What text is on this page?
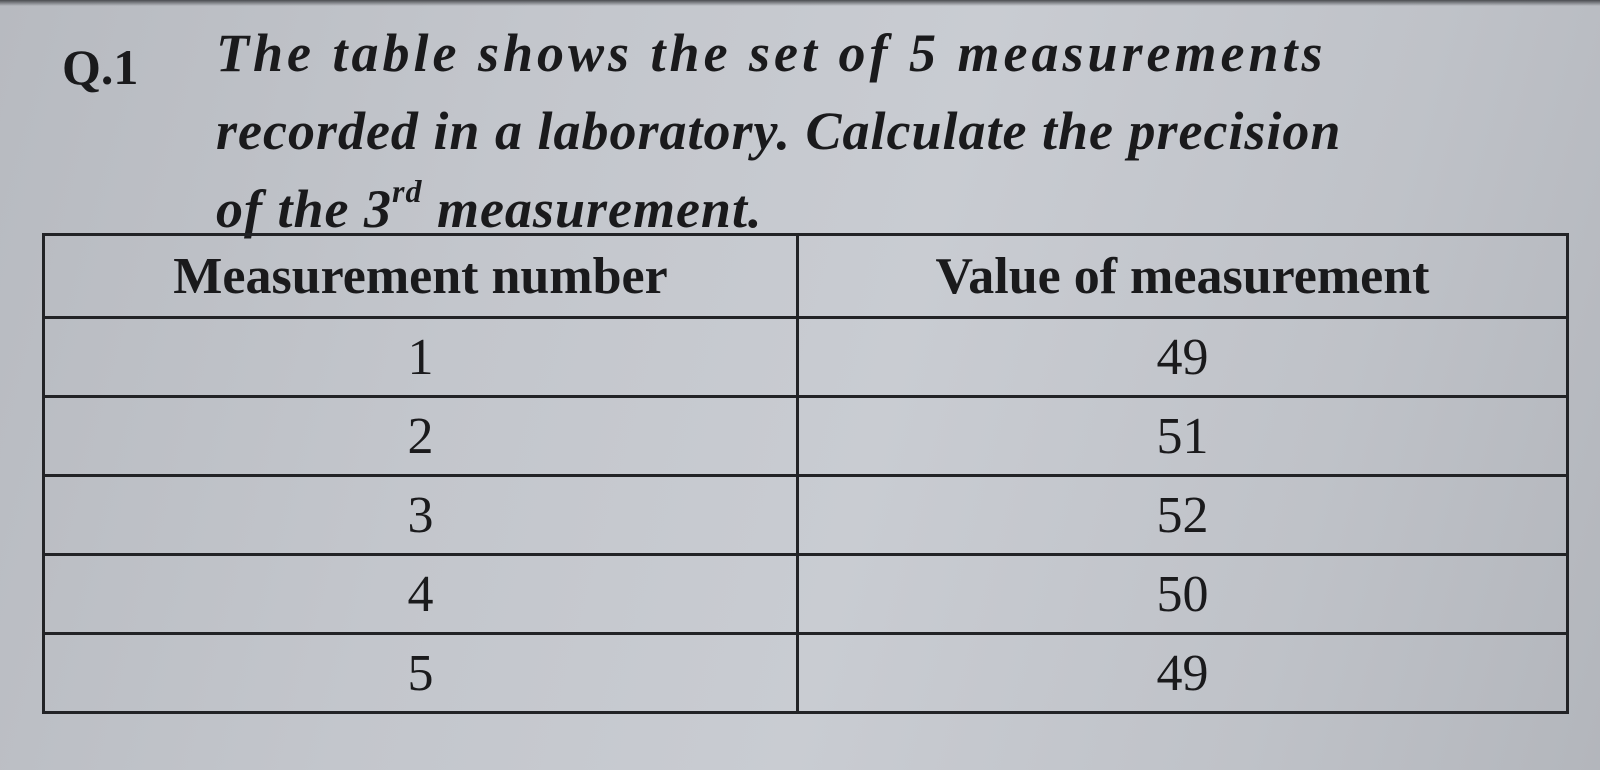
Q.1 The table shows the set of 5 measurements
recorded in a laboratory. Calculate the precision
of the 3rd measurement.
Measurement number	Value of measurement
1	49
2	51
3	52
4	50
5	49
